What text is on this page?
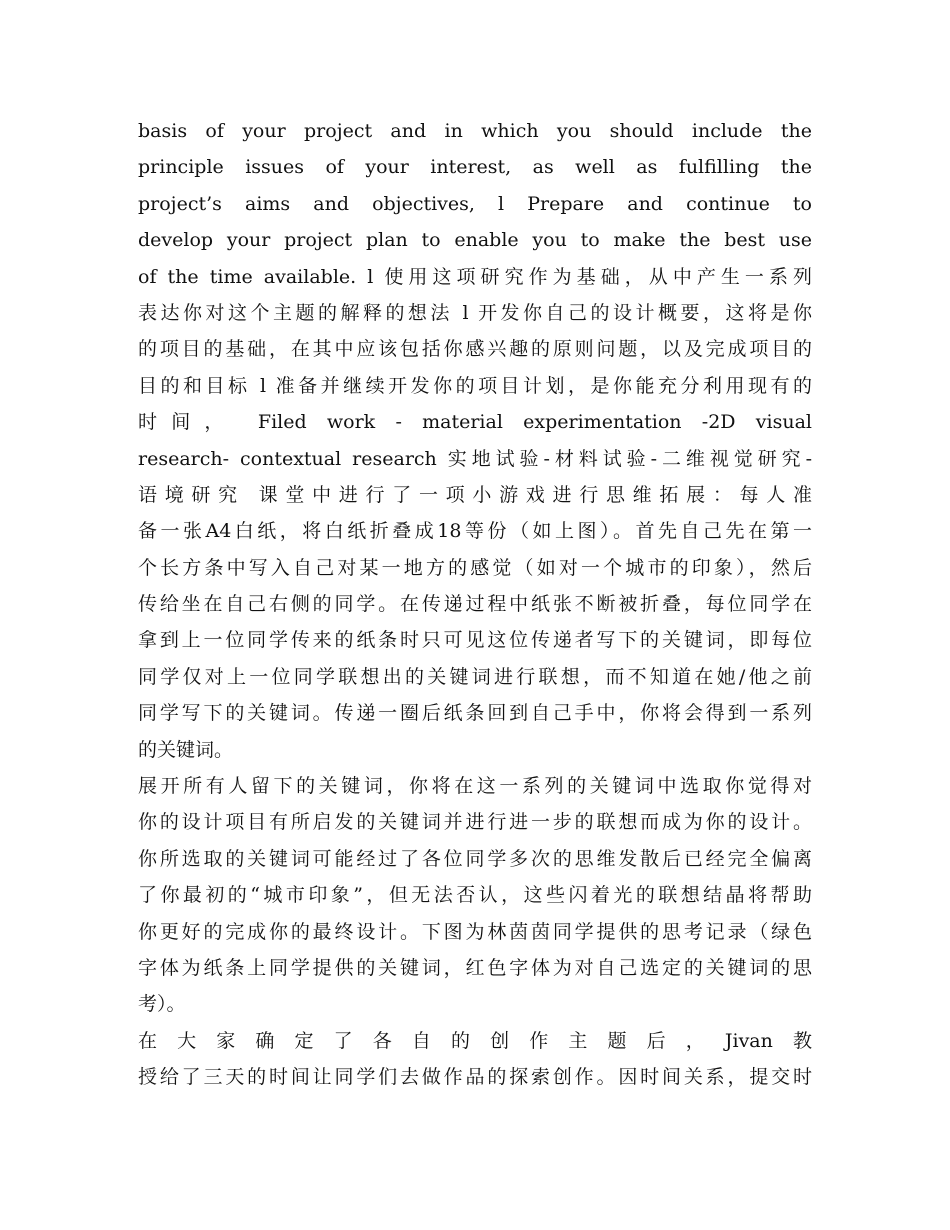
basis of your project and in which you should include the
principle issues of your interest, as well as fulfilling the
project’s aims and objectives, l Prepare and continue to
develop your project plan to enable you to make the best use
of the time available. l 使用这项研究作为基础，从中产生一系列
表达你对这个主题的解释的想法 l 开发你自己的设计概要，这将是你
的项目的基础，在其中应该包括你感兴趣的原则问题，以及完成项目的
目的和目标 l 准备并继续开发你的项目计划，是你能充分利用现有的
时间， Filed work - material experimentation -2D visual
research- contextual research 实地试验-材料试验-二维视觉研究-
语境研究 课堂中进行了一项小游戏进行思维拓展：每人准
备一张A4白纸，将白纸折叠成18等份（如上图）。首先自己先在第一
个长方条中写入自己对某一地方的感觉（如对一个城市的印象），然后
传给坐在自己右侧的同学。在传递过程中纸张不断被折叠，每位同学在
拿到上一位同学传来的纸条时只可见这位传递者写下的关键词，即每位
同学仅对上一位同学联想出的关键词进行联想，而不知道在她/他之前
同学写下的关键词。传递一圈后纸条回到自己手中，你将会得到一系列
的关键词。
展开所有人留下的关键词，你将在这一系列的关键词中选取你觉得对
你的设计项目有所启发的关键词并进行进一步的联想而成为你的设计。
你所选取的关键词可能经过了各位同学多次的思维发散后已经完全偏离
了你最初的“城市印象”，但无法否认，这些闪着光的联想结晶将帮助
你更好的完成你的最终设计。下图为林茵茵同学提供的思考记录（绿色
字体为纸条上同学提供的关键词，红色字体为对自己选定的关键词的思
考）。
在大家确定了各自的创作主题后，Jivan教
授给了三天的时间让同学们去做作品的探索创作。因时间关系，提交时
